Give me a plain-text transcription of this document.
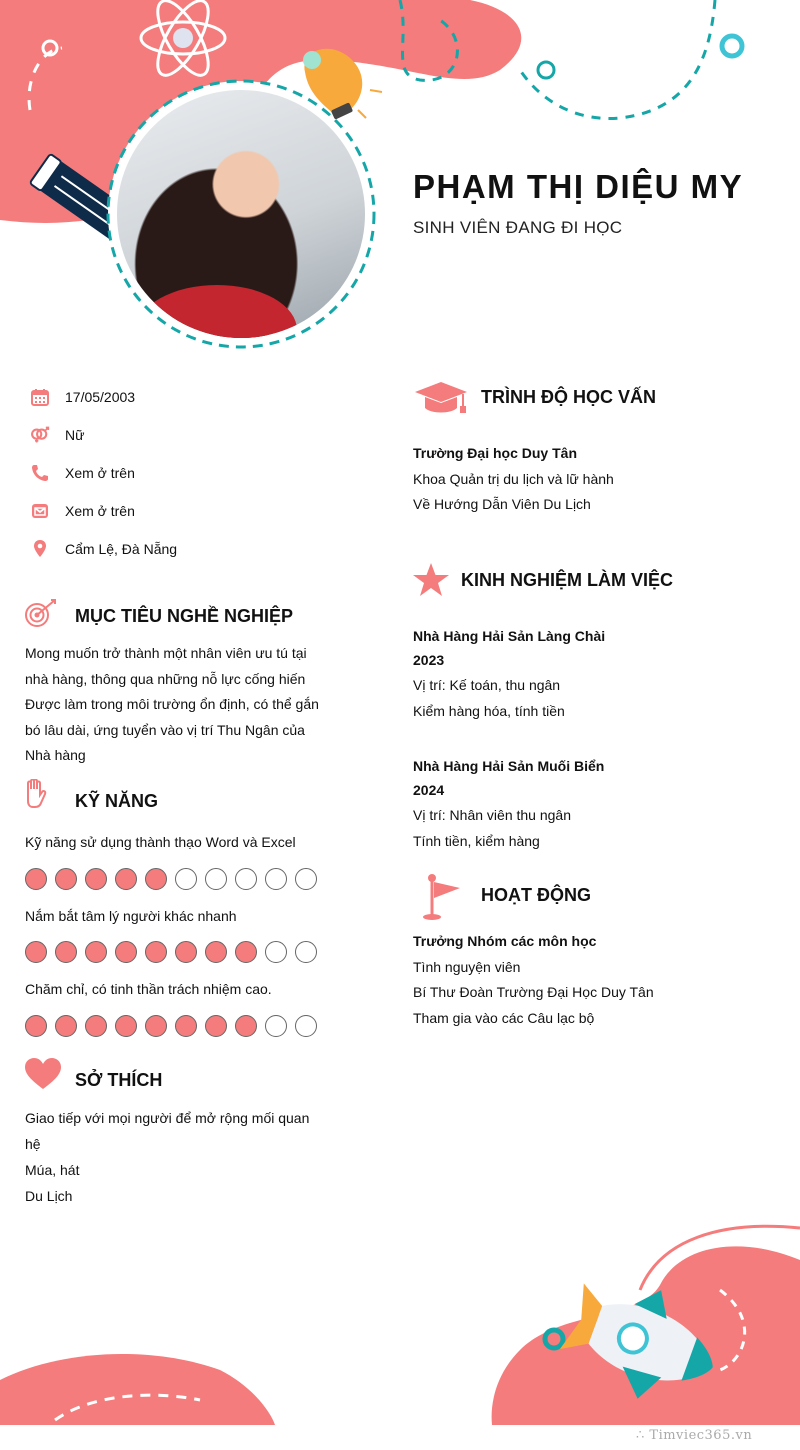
PHẠM THỊ DIỆU MY
SINH VIÊN ĐANG ĐI HỌC
17/05/2003
Nữ
Xem ở trên
Xem ở trên
Cẩm Lệ, Đà Nẵng
MỤC TIÊU NGHỀ NGHIỆP
Mong muốn trở thành một nhân viên ưu tú tại
nhà hàng, thông qua những nỗ lực cống hiến
Được làm trong môi trường ổn định, có thể gắn
bó lâu dài, ứng tuyển vào vị trí Thu Ngân của
Nhà hàng
KỸ NĂNG
Kỹ năng sử dụng thành thạo Word và Excel
Nắm bắt tâm lý người khác nhanh
Chăm chỉ, có tinh thần trách nhiệm cao.
SỞ THÍCH
Giao tiếp với mọi người để mở rộng mối quan
hệ
Múa, hát
Du Lịch
TRÌNH ĐỘ HỌC VẤN
Trường Đại học Duy Tân
Khoa Quản trị du lịch và lữ hành
Về Hướng Dẫn Viên Du Lịch
KINH NGHIỆM LÀM VIỆC
Nhà Hàng Hải Sản Làng Chài
2023
Vị trí: Kế toán, thu ngân
Kiểm hàng hóa, tính tiền
Nhà Hàng Hải Sản Muối Biển
2024
Vị trí: Nhân viên thu ngân
Tính tiền, kiểm hàng
HOẠT ĐỘNG
Trưởng Nhóm các môn học
Tình nguyện viên
Bí Thư Đoàn Trường Đại Học Duy Tân
Tham gia vào các Câu lạc bộ
∴ Timviec365.vn
